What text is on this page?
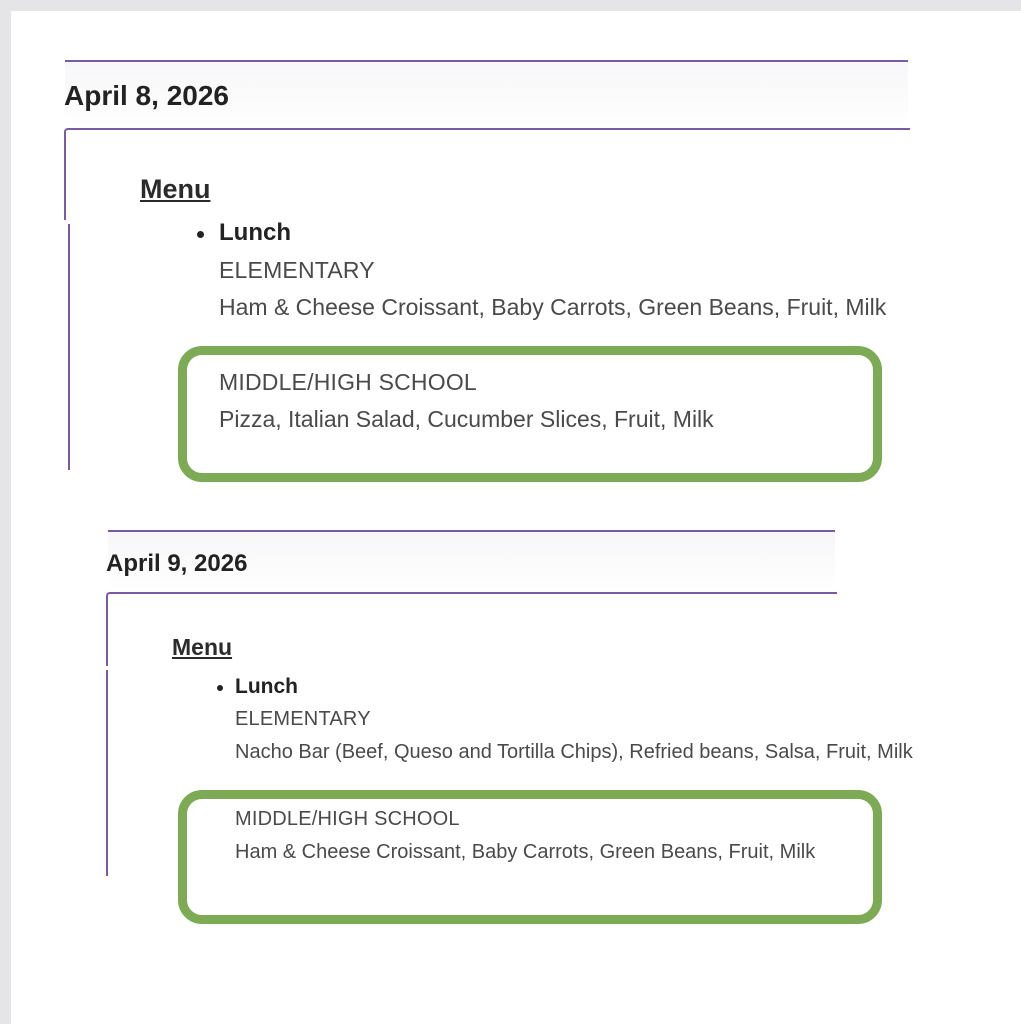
April 8, 2026
Menu
Lunch
ELEMENTARY
Ham & Cheese Croissant, Baby Carrots, Green Beans, Fruit, Milk
MIDDLE/HIGH SCHOOL
Pizza, Italian Salad, Cucumber Slices, Fruit, Milk
April 9, 2026
Menu
Lunch
ELEMENTARY
Nacho Bar (Beef, Queso and Tortilla Chips), Refried beans, Salsa, Fruit, Milk
MIDDLE/HIGH SCHOOL
Ham & Cheese Croissant, Baby Carrots, Green Beans, Fruit, Milk
